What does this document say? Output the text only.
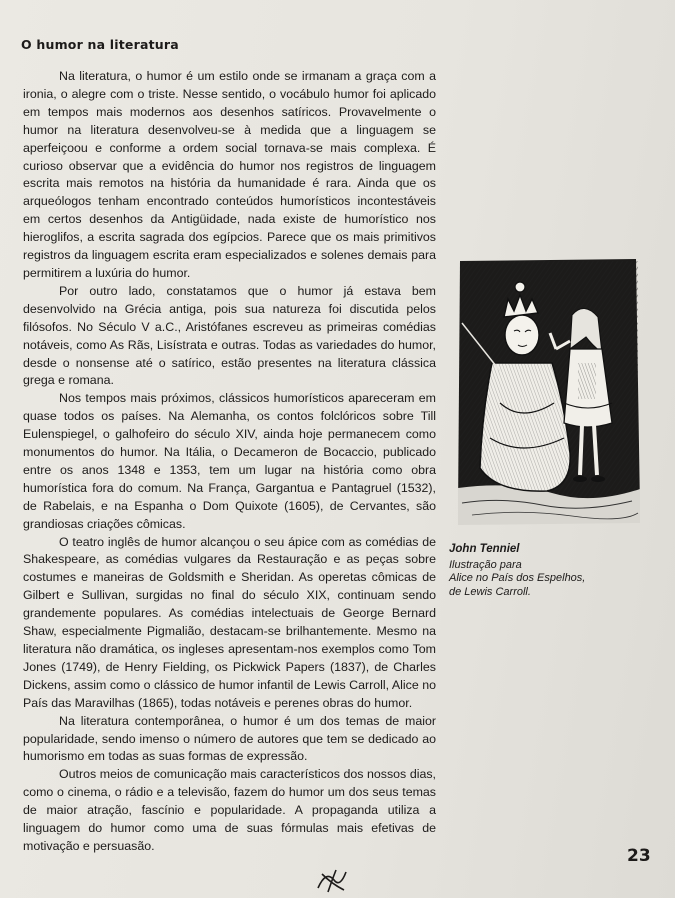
O humor na literatura

Na literatura, o humor é um estilo onde se irmanam a graça com a ironia, o alegre com o triste. Nesse sentido, o vocábulo humor foi aplicado em tempos mais modernos aos desenhos satíricos. Provavelmente o humor na literatura desenvolveu-se à medida que a linguagem se aperfeiçoou e conforme a ordem social tornava-se mais complexa. É curioso observar que a evidência do humor nos registros de linguagem escrita mais remotos na história da humanidade é rara. Ainda que os arqueólogos tenham encontrado conteúdos humorísticos incontestáveis em certos desenhos da Antigüidade, nada existe de humorístico nos hieroglifos, a escrita sagrada dos egípcios. Parece que os mais primitivos registros da linguagem escrita eram especializados e solenes demais para permitirem a luxúria do humor.

Por outro lado, constatamos que o humor já estava bem desenvolvido na Grécia antiga, pois sua natureza foi discutida pelos filósofos. No Século V a.C., Aristófanes escreveu as primeiras comédias notáveis, como As Rãs, Lisístrata e outras. Todas as variedades do humor, desde o nonsense até o satírico, estão presentes na literatura clássica grega e romana.

Nos tempos mais próximos, clássicos humorísticos apareceram em quase todos os países. Na Alemanha, os contos folclóricos sobre Till Eulenspiegel, o galhofeiro do século XIV, ainda hoje permanecem como monumentos do humor. Na Itália, o Decameron de Bocaccio, publicado entre os anos 1348 e 1353, tem um lugar na história como obra humorística fora do comum. Na França, Gargantua e Pantagruel (1532), de Rabelais, e na Espanha o Dom Quixote (1605), de Cervantes, são grandiosas criações cômicas.

O teatro inglês de humor alcançou o seu ápice com as comédias de Shakespeare, as comédias vulgares da Restauração e as peças sobre costumes e maneiras de Goldsmith e Sheridan. As operetas cômicas de Gilbert e Sullivan, surgidas no final do século XIX, continuam sendo grandemente populares. As comédias intelectuais de George Bernard Shaw, especialmente Pigmalião, destacam-se brilhantemente. Mesmo na literatura não dramática, os ingleses apresentam-nos exemplos como Tom Jones (1749), de Henry Fielding, os Pickwick Papers (1837), de Charles Dickens, assim como o clássico de humor infantil de Lewis Carroll, Alice no País das Maravilhas (1865), todas notáveis e perenes obras do humor.

Na literatura contemporânea, o humor é um dos temas de maior popularidade, sendo imenso o número de autores que tem se dedicado ao humorismo em todas as suas formas de expressão.

Outros meios de comunicação mais característicos dos nossos dias, como o cinema, o rádio e a televisão, fazem do humor um dos seus temas de maior atração, fascínio e popularidade. A propaganda utiliza a linguagem do humor como uma de suas fórmulas mais efetivas de motivação e persuasão.

John Tenniel
Ilustração para
Alice no País dos Espelhos,
de Lewis Carroll.
23
